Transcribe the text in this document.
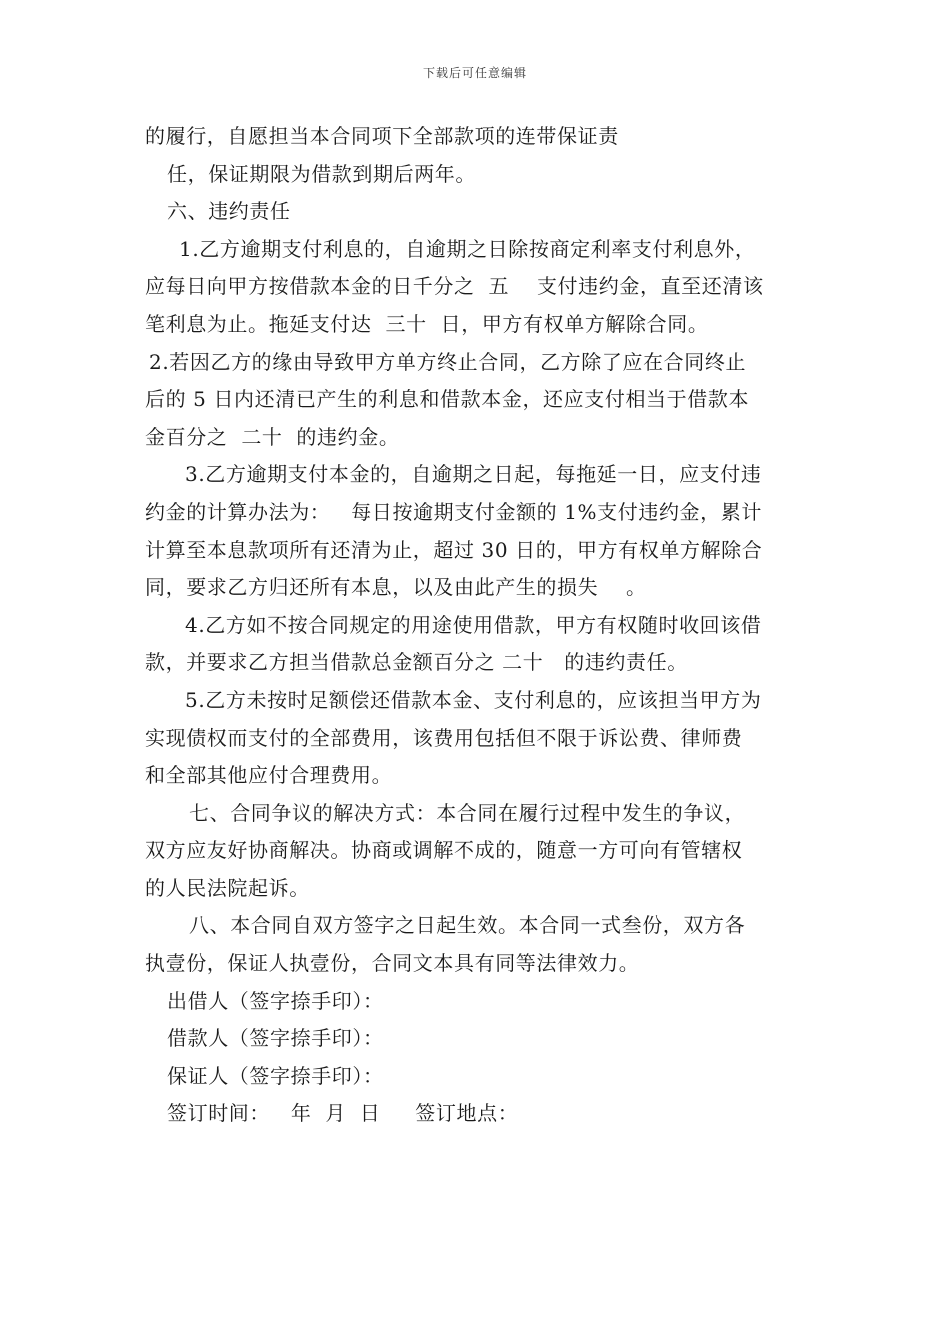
下载后可任意编辑
的履行，自愿担当本合同项下全部款项的连带保证责
任，保证期限为借款到期后两年。
六、违约责任
1.乙方逾期支付利息的，自逾期之日除按商定利率支付利息外，
应每日向甲方按借款本金的日千分之  五    支付违约金，直至还清该
笔利息为止。拖延支付达  三十  日，甲方有权单方解除合同。
2.若因乙方的缘由导致甲方单方终止合同，乙方除了应在合同终止
后的 5 日内还清已产生的利息和借款本金，还应支付相当于借款本
金百分之  二十  的违约金。
3.乙方逾期支付本金的，自逾期之日起，每拖延一日，应支付违
约金的计算办法为：   每日按逾期支付金额的 1%支付违约金，累计
计算至本息款项所有还清为止，超过 30 日的，甲方有权单方解除合
同，要求乙方归还所有本息，以及由此产生的损失    。
4.乙方如不按合同规定的用途使用借款，甲方有权随时收回该借
款，并要求乙方担当借款总金额百分之 二十   的违约责任。
5.乙方未按时足额偿还借款本金、支付利息的，应该担当甲方为
实现债权而支付的全部费用，该费用包括但不限于诉讼费、律师费
和全部其他应付合理费用。
七、合同争议的解决方式：本合同在履行过程中发生的争议，
双方应友好协商解决。协商或调解不成的，随意一方可向有管辖权
的人民法院起诉。
八、本合同自双方签字之日起生效。本合同一式叁份，双方各
执壹份，保证人执壹份，合同文本具有同等法律效力。
出借人（签字捺手印）：
借款人（签字捺手印）：
保证人（签字捺手印）：
签订时间：   年  月  日     签订地点：
